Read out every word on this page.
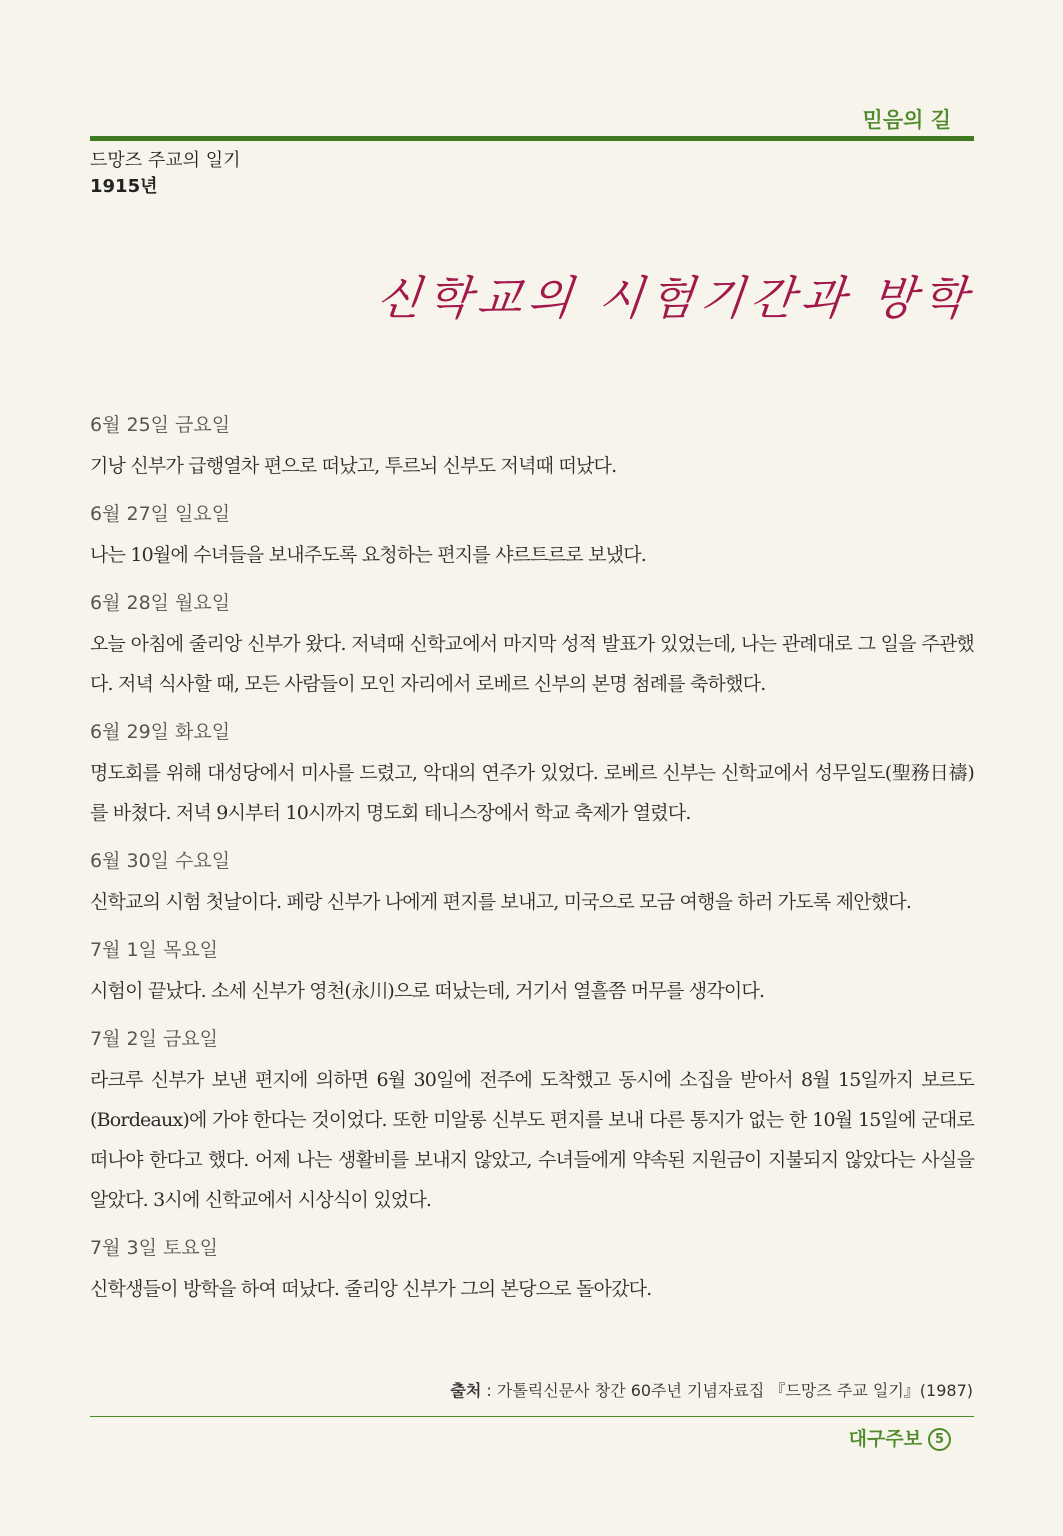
믿음의 길
드망즈 주교의 일기
1915년
신학교의 시험기간과 방학
6월 25일 금요일
기낭 신부가 급행열차 편으로 떠났고, 투르뇌 신부도 저녁때 떠났다.
6월 27일 일요일
나는 10월에 수녀들을 보내주도록 요청하는 편지를 샤르트르로 보냈다.
6월 28일 월요일
오늘 아침에 줄리앙 신부가 왔다. 저녁때 신학교에서 마지막 성적 발표가 있었는데, 나는 관례대로 그 일을 주관했다. 저녁 식사할 때, 모든 사람들이 모인 자리에서 로베르 신부의 본명 첨례를 축하했다.
6월 29일 화요일
명도회를 위해 대성당에서 미사를 드렸고, 악대의 연주가 있었다. 로베르 신부는 신학교에서 성무일도(聖務日禱)를 바쳤다. 저녁 9시부터 10시까지 명도회 테니스장에서 학교 축제가 열렸다.
6월 30일 수요일
신학교의 시험 첫날이다. 페랑 신부가 나에게 편지를 보내고, 미국으로 모금 여행을 하러 가도록 제안했다.
7월 1일 목요일
시험이 끝났다. 소세 신부가 영천(永川)으로 떠났는데, 거기서 열흘쯤 머무를 생각이다.
7월 2일 금요일
라크루 신부가 보낸 편지에 의하면 6월 30일에 전주에 도착했고 동시에 소집을 받아서 8월 15일까지 보르도(Bordeaux)에 가야 한다는 것이었다. 또한 미알롱 신부도 편지를 보내 다른 통지가 없는 한 10월 15일에 군대로 떠나야 한다고 했다. 어제 나는 생활비를 보내지 않았고, 수녀들에게 약속된 지원금이 지불되지 않았다는 사실을 알았다. 3시에 신학교에서 시상식이 있었다.
7월 3일 토요일
신학생들이 방학을 하여 떠났다. 줄리앙 신부가 그의 본당으로 돌아갔다.
출처 : 가톨릭신문사 창간 60주년 기념자료집 『드망즈 주교 일기』(1987)
대구주보 5
